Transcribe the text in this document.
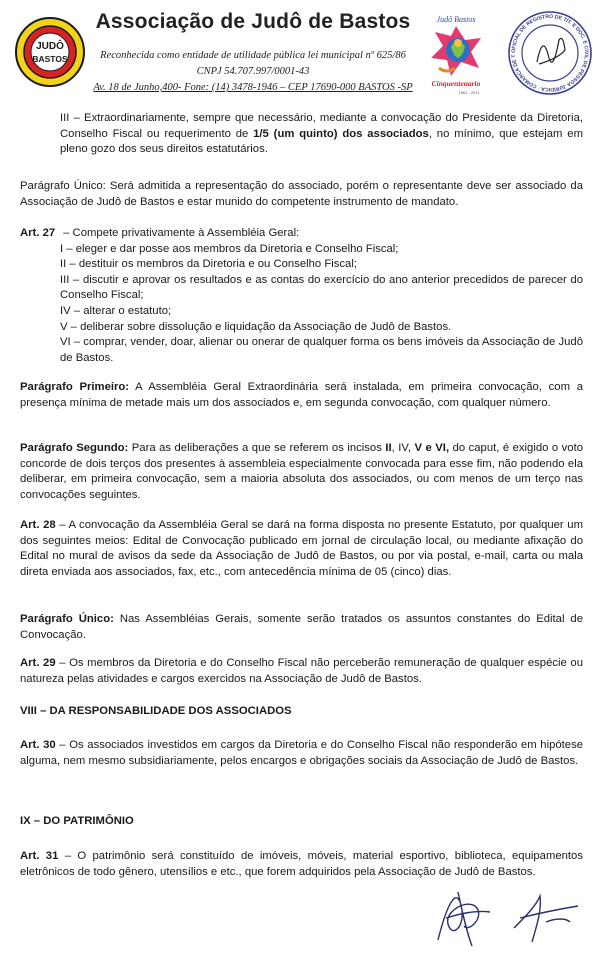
JUDÔ
BASTOS
Associação de Judô de Bastos
Reconhecida como entidade de utilidade pública lei municipal nº 625/86
CNPJ 54.707.997/0001-43
Av. 18 de Junho,400- Fone: (14) 3478-1946 – CEP 17690-000 BASTOS -SP
Judô Bastos
Cinquentenario
1961 - 2011
OFICIAL DE REGISTRO DE TÍT. E DOC. E CIVIL DE PESSOA JURÍDICA · COMARCA DE T

III – Extraordinariamente, sempre que necessário, mediante a convocação do Presidente da Diretoria, Conselho Fiscal ou requerimento de 1/5 (um quinto) dos associados, no mínimo, que estejam em pleno gozo dos seus direitos estatutários.

Parágrafo Único: Será admitida a representação do associado, porém o representante deve ser associado da Associação de Judô de Bastos e estar munido do competente instrumento de mandato.

Art. 27 – Compete privativamente à Assembléia Geral:
I – eleger e dar posse aos membros da Diretoria e Conselho Fiscal;
II – destituir os membros da Diretoria e ou Conselho Fiscal;
III – discutir e aprovar os resultados e as contas do exercício do ano anterior precedidos de parecer do Conselho Fiscal;
IV – alterar o estatuto;
V – deliberar sobre dissolução e liquidação da Associação de Judô de Bastos.
VI – comprar, vender, doar, alienar ou onerar de qualquer forma os bens imóveis da Associação de Judô de Bastos.

Parágrafo Primeiro: A Assembléia Geral Extraordinária será instalada, em primeira convocação, com a presença mínima de metade mais um dos associados e, em segunda convocação, com qualquer número.

Parágrafo Segundo: Para as deliberações a que se referem os incisos II, IV, V e VI, do caput, é exigido o voto concorde de dois terços dos presentes à assembleia especialmente convocada para esse fim, não podendo ela deliberar, em primeira convocação, sem a maioria absoluta dos associados, ou com menos de um terço nas convocações seguintes.

Art. 28 – A convocação da Assembléia Geral se dará na forma disposta no presente Estatuto, por qualquer um dos seguintes meios: Edital de Convocação publicado em jornal de circulação local, ou mediante afixação do Edital no mural de avisos da sede da Associação de Judô de Bastos, ou por via postal, e-mail, carta ou mala direta enviada aos associados, fax, etc., com antecedência mínima de 05 (cinco) dias.

Parágrafo Único: Nas Assembléias Gerais, somente serão tratados os assuntos constantes do Edital de Convocação.

Art. 29 – Os membros da Diretoria e do Conselho Fiscal não perceberão remuneração de qualquer espécie ou natureza pelas atividades e cargos exercidos na Associação de Judô de Bastos.

VIII – DA RESPONSABILIDADE DOS ASSOCIADOS

Art. 30 – Os associados investidos em cargos da Diretoria e do Conselho Fiscal não responderão em hipótese alguma, nem mesmo subsidiariamente, pelos encargos e obrigações sociais da Associação de Judô de Bastos.

IX – DO PATRIMÔNIO

Art. 31 – O patrimônio será constituído de imóveis, móveis, material esportivo, biblioteca, equipamentos eletrônicos de todo gênero, utensílios e etc., que forem adquiridos pela Associação de Judô de Bastos.
